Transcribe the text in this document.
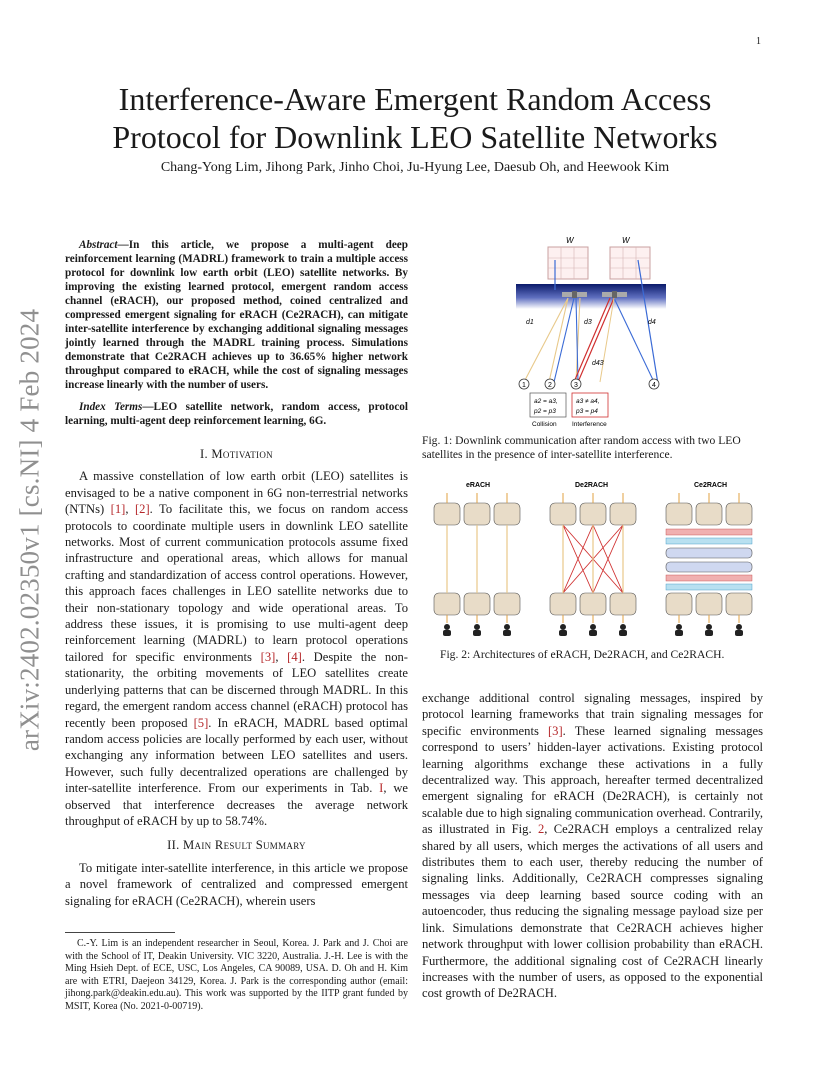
1
arXiv:2402.02350v1 [cs.NI] 4 Feb 2024
Interference-Aware Emergent Random Access
Protocol for Downlink LEO Satellite Networks
Chang-Yong Lim, Jihong Park, Jinho Choi, Ju-Hyung Lee, Daesub Oh, and Heewook Kim
Abstract—In this article, we propose a multi-agent deep reinforcement learning (MADRL) framework to train a multiple access protocol for downlink low earth orbit (LEO) satellite networks. By improving the existing learned protocol, emergent random access channel (eRACH), our proposed method, coined centralized and compressed emergent signaling for eRACH (Ce2RACH), can mitigate inter-satellite interference by exchanging additional signaling messages jointly learned through the MADRL training process. Simulations demonstrate that Ce2RACH achieves up to 36.65% higher network throughput compared to eRACH, while the cost of signaling messages increase linearly with the number of users.
Index Terms—LEO satellite network, random access, protocol learning, multi-agent deep reinforcement learning, 6G.
I. Motivation

A massive constellation of low earth orbit (LEO) satellites is envisaged to be a native component in 6G non-terrestrial networks (NTNs) [1], [2]. To facilitate this, we focus on random access protocols to coordinate multiple users in downlink LEO satellite networks. Most of current communication protocols assume fixed infrastructure and operational areas, which allows for manual crafting and standardization of access control operations. However, this approach faces challenges in LEO satellite networks due to their non-stationary topology and wide operational areas. To address these issues, it is promising to use multi-agent deep reinforcement learning (MADRL) to learn protocol operations tailored for specific environments [3], [4]. Despite the non-stationarity, the orbiting movements of LEO satellites create underlying patterns that can be discerned through MADRL. In this regard, the emergent random access channel (eRACH) protocol has recently been proposed [5]. In eRACH, MADRL based optimal random access policies are locally performed by each user, without exchanging any information between LEO satellites and users. However, such fully decentralized operations are challenged by inter-satellite interference. From our experiments in Tab. I, we observed that interference decreases the average network throughput of eRACH by up to 58.74%.

II. Main Result Summary

To mitigate inter-satellite interference, in this article we propose a novel framework of centralized and compressed emergent signaling for eRACH (Ce2RACH), wherein users

C.-Y. Lim is an independent researcher in Seoul, Korea. J. Park and J. Choi are with the School of IT, Deakin University. VIC 3220, Australia. J.-H. Lee is with the Ming Hsieh Dept. of ECE, USC, Los Angeles, CA 90089, USA. D. Oh and H. Kim are with ETRI, Daejeon 34129, Korea. J. Park is the corresponding author (email: jihong.park@deakin.edu.au). This work was supported by the IITP grant funded by MSIT, Korea (No. 2021-0-00719).
W	W
d1	d3	d4
d43
1	2	3	4
a2 = a3,
p2 = p3
a3 ≠ a4,
p3 = p4
Collision Interference
Fig. 1: Downlink communication after random access with two LEO satellites in the presence of inter-satellite interference.
eRACH	De2RACH	Ce2RACH
Fig. 2: Architectures of eRACH, De2RACH, and Ce2RACH.

exchange additional control signaling messages, inspired by protocol learning frameworks that train signaling messages for specific environments [3]. These learned signaling messages correspond to users’ hidden-layer activations. Existing protocol learning algorithms exchange these activations in a fully decentralized way. This approach, hereafter termed decentralized emergent signaling for eRACH (De2RACH), is certainly not scalable due to high signaling communication overhead. Contrarily, as illustrated in Fig. 2, Ce2RACH employs a centralized relay shared by all users, which merges the activations of all users and distributes them to each user, thereby reducing the number of signaling links. Additionally, Ce2RACH compresses signaling messages via deep learning based source coding with an autoencoder, thus reducing the signaling message payload size per link. Simulations demonstrate that Ce2RACH achieves higher network throughput with lower collision probability than eRACH. Furthermore, the additional signaling cost of Ce2RACH linearly increases with the number of users, as opposed to the exponential cost growth of De2RACH.
